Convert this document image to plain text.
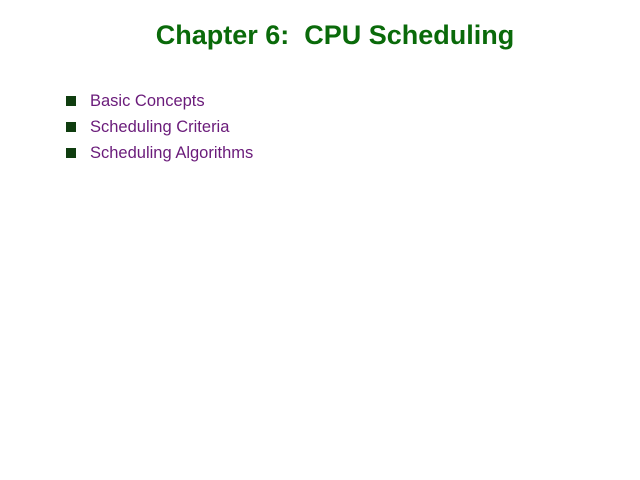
Chapter 6:  CPU Scheduling
Basic Concepts
Scheduling Criteria
Scheduling Algorithms
